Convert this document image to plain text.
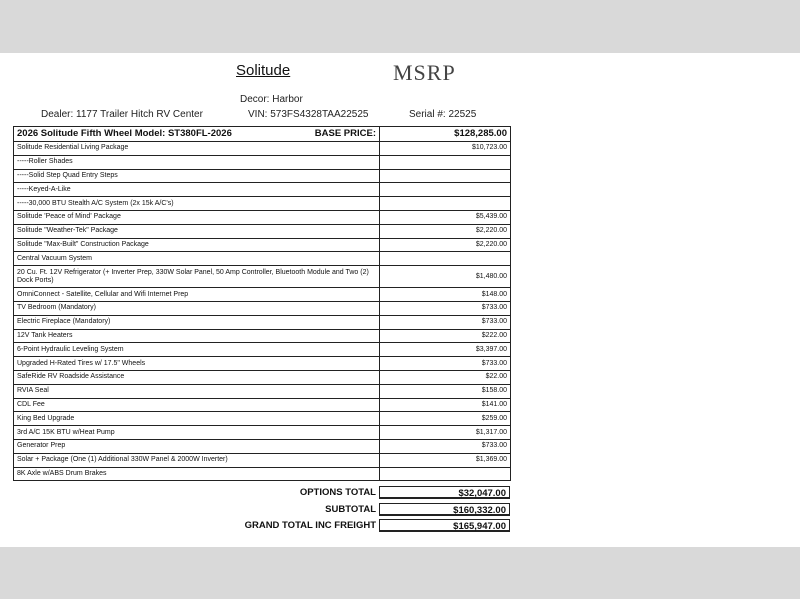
Solitude	MSRP
Decor: Harbor
Dealer: 1177 Trailer Hitch RV Center	VIN: 573FS4328TAA22525	Serial #: 22525
2026 Solitude Fifth Wheel Model: ST380FL-2026 BASE PRICE:	$128,285.00
Solitude Residential Living Package	$10,723.00
-----Roller Shades	
-----Solid Step Quad Entry Steps	
-----Keyed-A-Like	
-----30,000 BTU Stealth A/C System (2x 15k A/C's)	
Solitude 'Peace of Mind' Package	$5,439.00
Solitude "Weather-Tek" Package	$2,220.00
Solitude "Max-Built" Construction Package	$2,220.00
Central Vacuum System	
20 Cu. Ft. 12V Refrigerator (+ Inverter Prep, 330W Solar Panel, 50 Amp Controller, Bluetooth Module and Two (2) Dock Ports)	$1,480.00
OmniConnect - Satellite, Cellular and Wifi Internet Prep	$148.00
TV Bedroom (Mandatory)	$733.00
Electric Fireplace (Mandatory)	$733.00
12V Tank Heaters	$222.00
6-Point Hydraulic Leveling System	$3,397.00
Upgraded H-Rated Tires w/ 17.5" Wheels	$733.00
SafeRide RV Roadside Assistance	$22.00
RVIA Seal	$158.00
CDL Fee	$141.00
King Bed Upgrade	$259.00
3rd A/C 15K BTU w/Heat Pump	$1,317.00
Generator Prep	$733.00
Solar + Package (One (1) Additional 330W Panel & 2000W Inverter)	$1,369.00
8K Axle w/ABS Drum Brakes	
OPTIONS TOTAL	$32,047.00
SUBTOTAL	$160,332.00
GRAND TOTAL INC FREIGHT	$165,947.00
